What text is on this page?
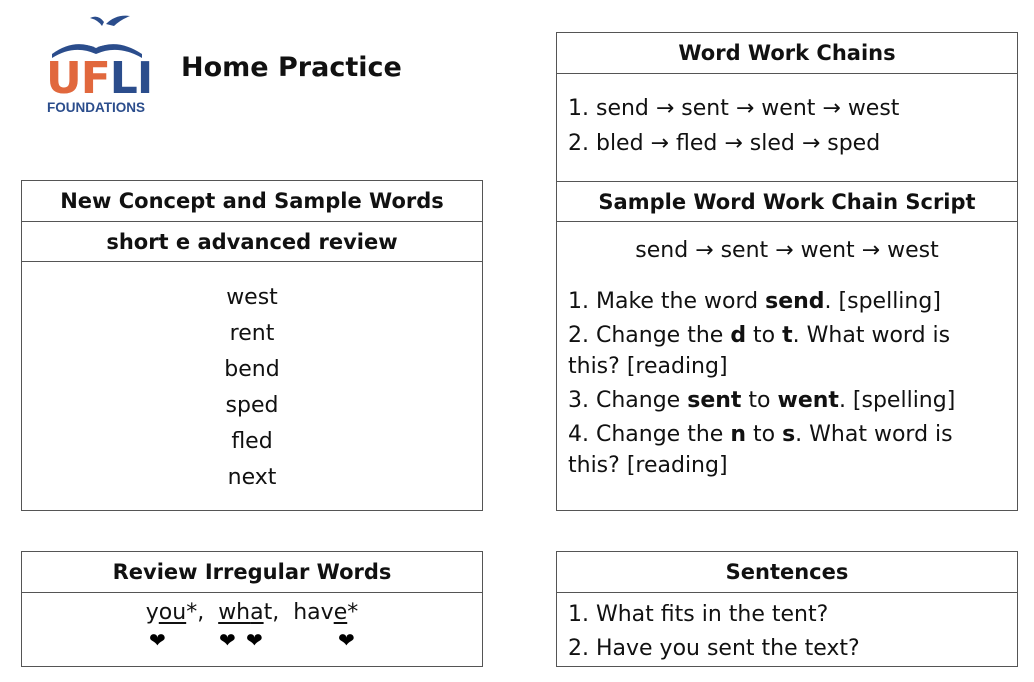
UFLI
FOUNDATIONS
Home Practice
New Concept and Sample Words
short e advanced review
west
rent
bend
sped
fled
next
Word Work Chains
1. send → sent → went → west
2. bled → fled → sled → sped
Sample Word Work Chain Script
send → sent → went → west
1. Make the word send. [spelling]
2. Change the d to t. What word is this? [reading]
3. Change sent to went. [spelling]
4. Change the n to s. What word is this? [reading]
Review Irregular Words
you*,  what,  have*
❤	❤ ❤	❤
Sentences
1. What fits in the tent?
2. Have you sent the text?
